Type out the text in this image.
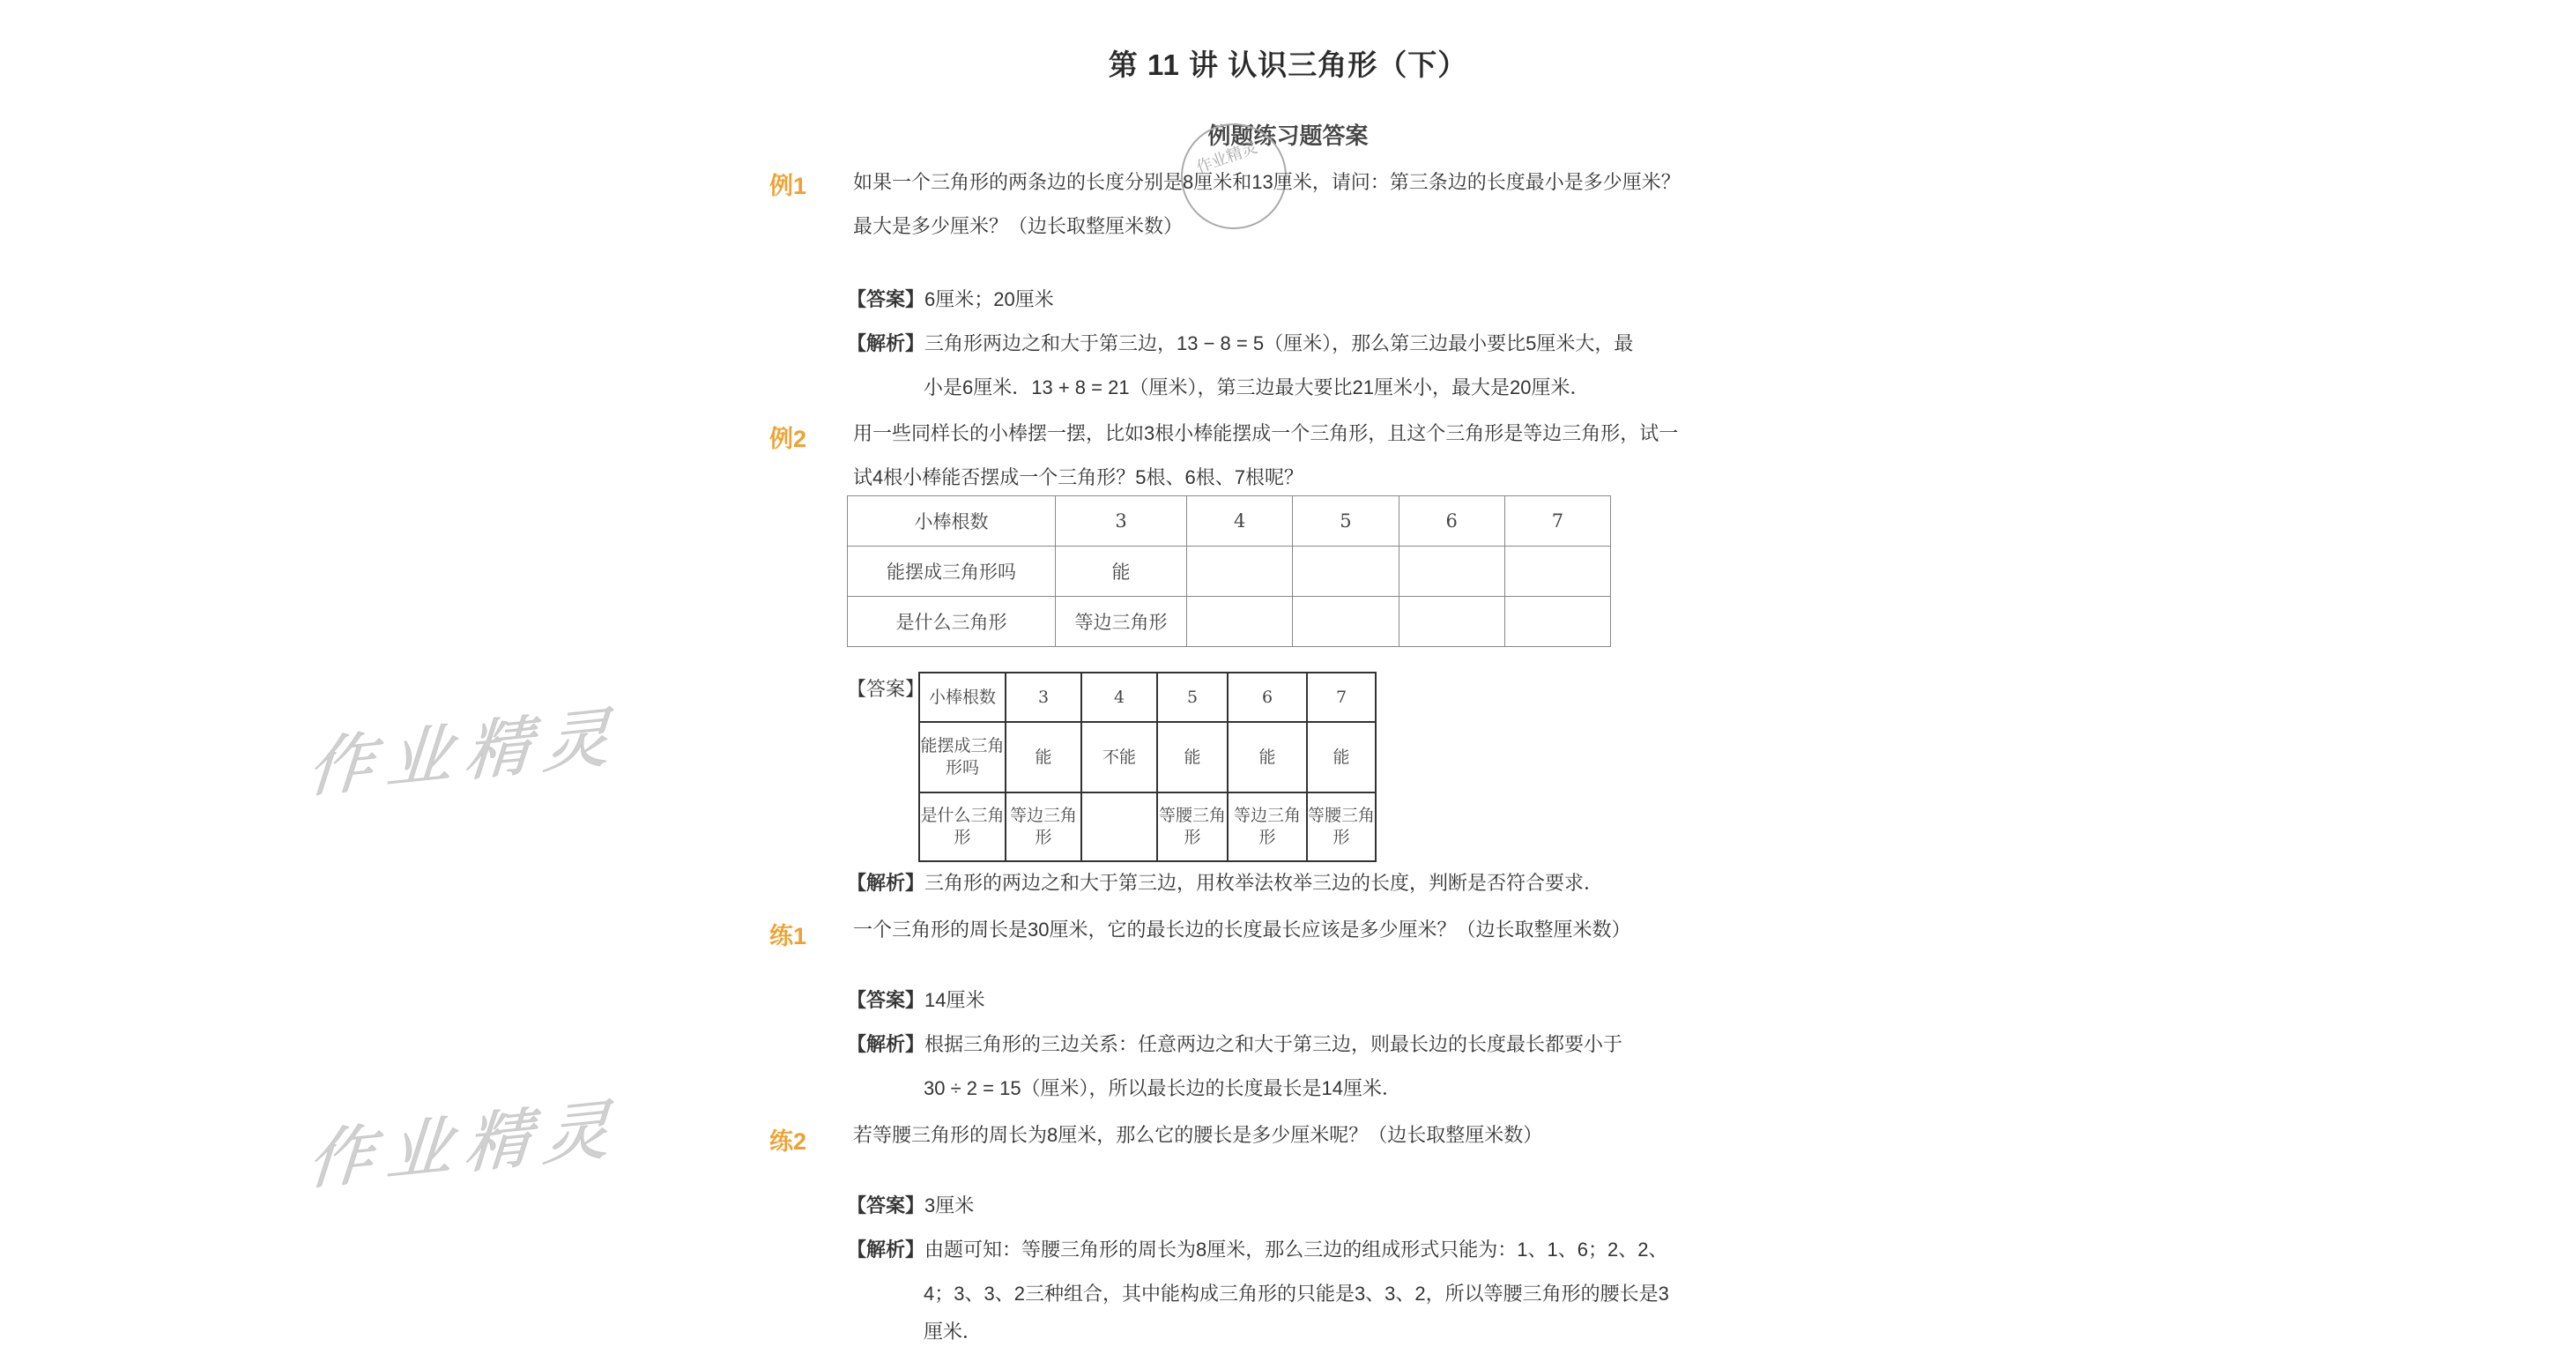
第 11 讲 认识三角形（下）
例题练习题答案
作业精灵
作业精灵
作业精灵
例1 如果一个三角形的两条边的长度分别是8厘米和13厘米，请问：第三条边的长度最小是多少厘米？
最大是多少厘米？（边长取整厘米数）
【答案】6厘米；20厘米
【解析】三角形两边之和大于第三边，13 − 8 = 5（厘米），那么第三边最小要比5厘米大，最
小是6厘米．13 + 8 = 21（厘米），第三边最大要比21厘米小，最大是20厘米．
例2 用一些同样长的小棒摆一摆，比如3根小棒能摆成一个三角形，且这个三角形是等边三角形，试一
试4根小棒能否摆成一个三角形？5根、6根、7根呢？
小棒根数	3	4	5	6	7
能摆成三角形吗	能				
是什么三角形	等边三角形				
【答案】 小棒根数	3	4	5	6	7
能摆成三角形吗	能	不能	能	能	能
是什么三角形	等边三角形		等腰三角形	等边三角形	等腰三角形
【解析】三角形的两边之和大于第三边，用枚举法枚举三边的长度，判断是否符合要求．
练1 一个三角形的周长是30厘米，它的最长边的长度最长应该是多少厘米？（边长取整厘米数）
【答案】14厘米
【解析】根据三角形的三边关系：任意两边之和大于第三边，则最长边的长度最长都要小于
30 ÷ 2 = 15（厘米），所以最长边的长度最长是14厘米．
练2 若等腰三角形的周长为8厘米，那么它的腰长是多少厘米呢？（边长取整厘米数）
【答案】3厘米
【解析】由题可知：等腰三角形的周长为8厘米，那么三边的组成形式只能为：1、1、6；2、2、
4；3、3、2三种组合，其中能构成三角形的只能是3、3、2，所以等腰三角形的腰长是3
厘米．
